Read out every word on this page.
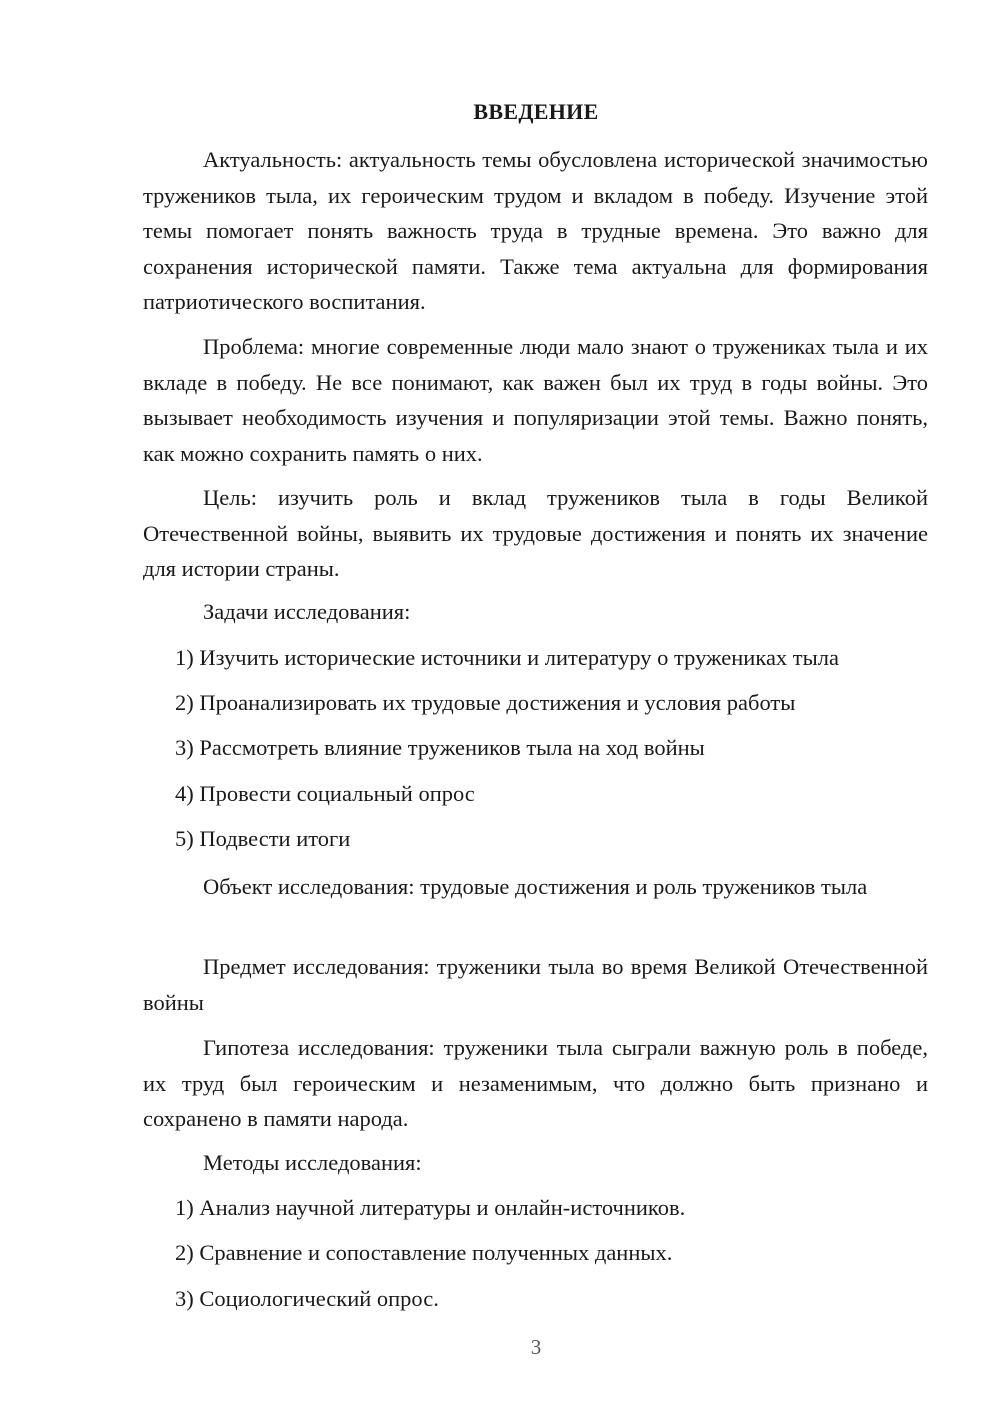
ВВЕДЕНИЕ
Актуальность: актуальность темы обусловлена исторической значимостью тружеников тыла, их героическим трудом и вкладом в победу. Изучение этой темы помогает понять важность труда в трудные времена. Это важно для сохранения исторической памяти. Также тема актуальна для формирования патриотического воспитания.
Проблема: многие современные люди мало знают о тружениках тыла и их вкладе в победу. Не все понимают, как важен был их труд в годы войны. Это вызывает необходимость изучения и популяризации этой темы. Важно понять, как можно сохранить память о них.
Цель: изучить роль и вклад тружеников тыла в годы Великой Отечественной войны, выявить их трудовые достижения и понять их значение для истории страны.
Задачи исследования:
1) Изучить исторические источники и литературу о тружениках тыла
2) Проанализировать их трудовые достижения и условия работы
3) Рассмотреть влияние тружеников тыла на ход войны
4) Провести социальный опрос
5) Подвести итоги
Объект исследования: трудовые достижения и роль тружеников тыла
Предмет исследования: труженики тыла во время Великой Отечественной войны
Гипотеза исследования: труженики тыла сыграли важную роль в победе, их труд был героическим и незаменимым, что должно быть признано и сохранено в памяти народа.
Методы исследования:
1) Анализ научной литературы и онлайн-источников.
2) Сравнение и сопоставление полученных данных.
3) Социологический опрос.
3
